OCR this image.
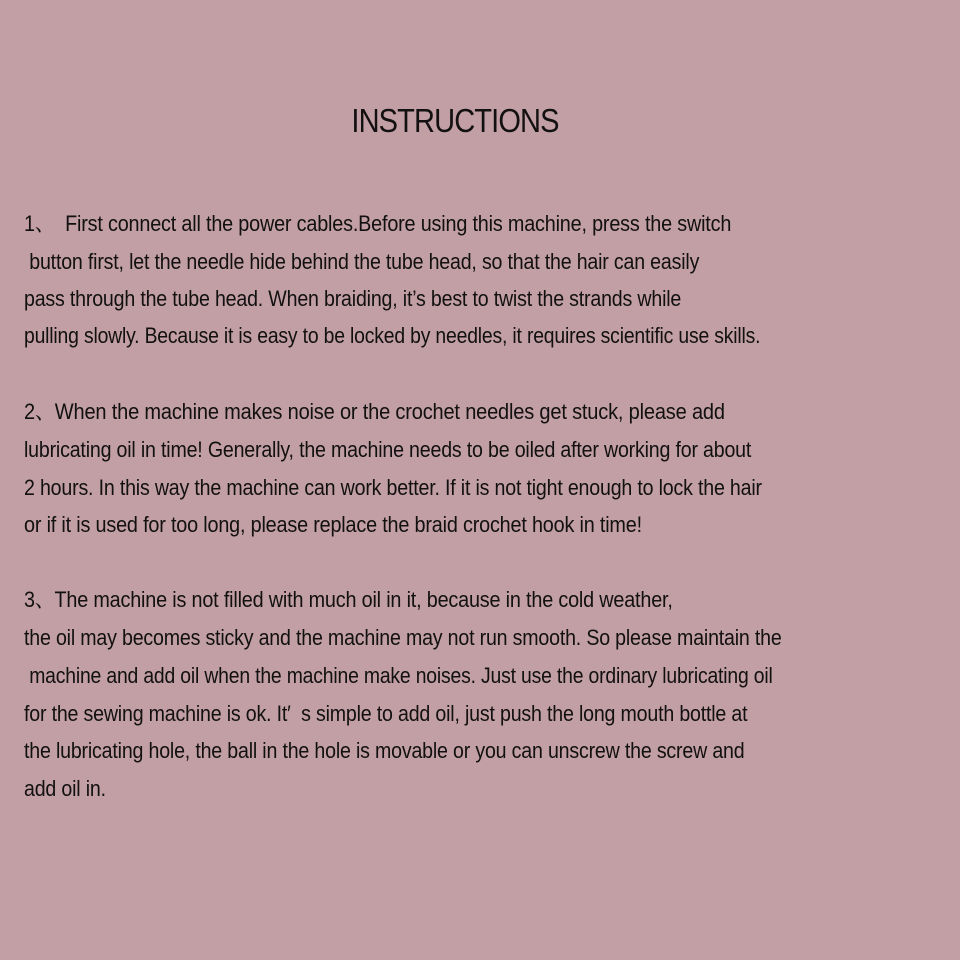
INSTRUCTIONS
1、  First connect all the power cables.Before using this machine, press the switch
button first, let the needle hide behind the tube head, so that the hair can easily
pass through the tube head. When braiding, it’s best to twist the strands while
pulling slowly. Because it is easy to be locked by needles, it requires scientific use skills.
2、When the machine makes noise or the crochet needles get stuck, please add
lubricating oil in time! Generally, the machine needs to be oiled after working for about
2 hours. In this way the machine can work better. If it is not tight enough to lock the hair
or if it is used for too long, please replace the braid crochet hook in time!
3、The machine is not filled with much oil in it, because in the cold weather,
the oil may becomes sticky and the machine may not run smooth. So please maintain the
machine and add oil when the machine make noises. Just use the ordinary lubricating oil
for the sewing machine is ok. It′  s simple to add oil, just push the long mouth bottle at
the lubricating hole, the ball in the hole is movable or you can unscrew the screw and
add oil in.
